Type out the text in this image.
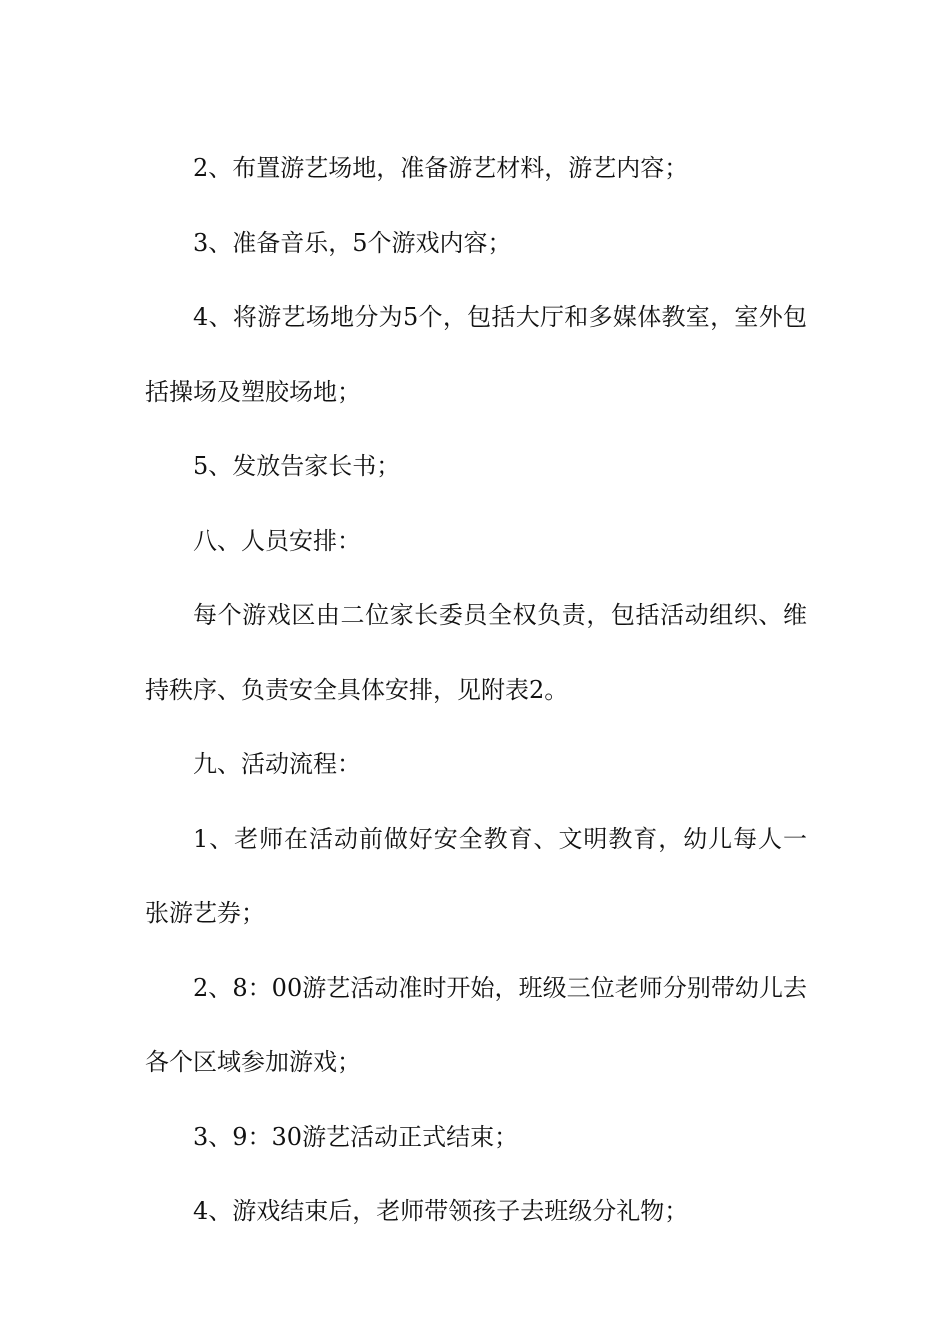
2、布置游艺场地，准备游艺材料，游艺内容；

3、准备音乐，5个游戏内容；

4、将游艺场地分为5个，包括大厅和多媒体教室，室外包括操场及塑胶场地；

5、发放告家长书；

八、人员安排：

每个游戏区由二位家长委员全权负责，包括活动组织、维持秩序、负责安全具体安排，见附表2。

九、活动流程：

1、老师在活动前做好安全教育、文明教育，幼儿每人一张游艺券；

2、8：00游艺活动准时开始，班级三位老师分别带幼儿去各个区域参加游戏；

3、9：30游艺活动正式结束；

4、游戏结束后，老师带领孩子去班级分礼物；
